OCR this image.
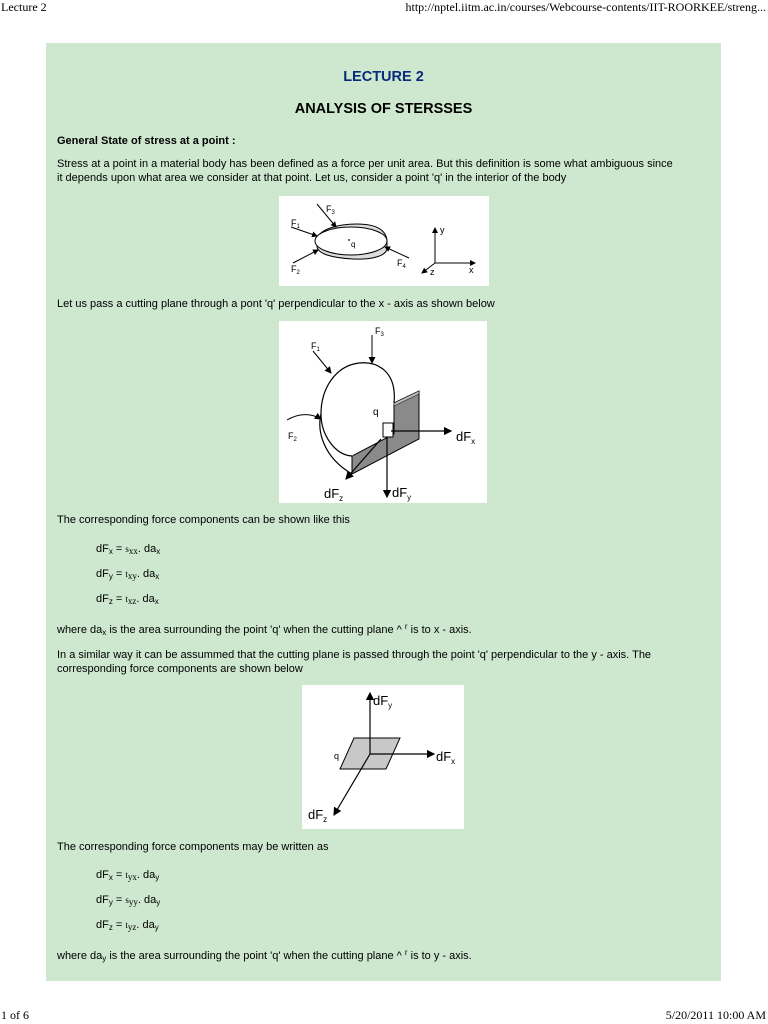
Lecture 2	http://nptel.iitm.ac.in/courses/Webcourse-contents/IIT-ROORKEE/streng...
LECTURE 2
ANALYSIS OF STERSSES
General State of stress at a point :
Stress at a point in a material body has been defined as a force per unit area. But this definition is some what ambiguous since
it depends upon what area we consider at that point. Let us, consider a point 'q' in the interior of the body
$F_1$
$F_3$
$F_2$
$F_4$
q
y
x
z
Let us pass a cutting plane through a pont 'q' perpendicular to the x - axis as shown below
$F_3$
$F_1$
$F_2$
q
$dF_x$
$dF_y$
$dF_z$
The corresponding force components can be shown like this
$dF_x = s_{xx}$. $da_x$
$dF_y = t_{xy}$. $da_x$
$dF_z = t_{xz}$. $da_x$
where $da_x$ is the area surrounding the point 'q' when the cutting plane ^ $^r$ is to x - axis.
In a similar way it can be assummed that the cutting plane is passed through the point 'q' perpendicular to the y - axis. The
corresponding force components are shown below
q
$dF_y$
$dF_x$
$dF_z$
The corresponding force components may be written as
$dF_x = t_{yx}$. $da_y$
$dF_y = s_{yy}$. $da_y$
$dF_z = t_{yz}$. $da_y$
where $da_y$ is the area surrounding the point 'q' when the cutting plane ^ $^r$ is to y - axis.
1 of 6	5/20/2011 10:00 AM
